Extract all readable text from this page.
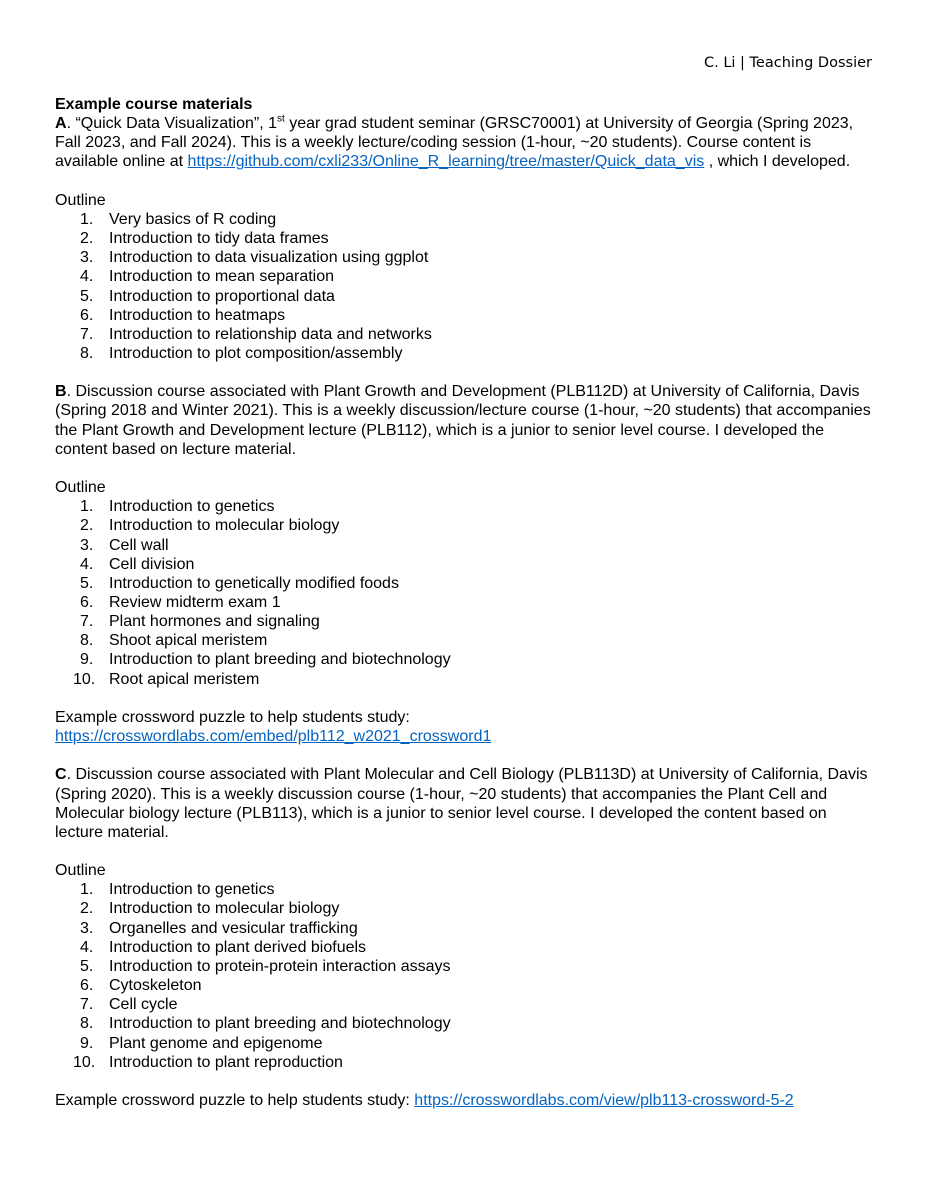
C. Li | Teaching Dossier

Example course materials

A. “Quick Data Visualization”, 1st year grad student seminar (GRSC70001) at University of Georgia (Spring 2023, Fall 2023, and Fall 2024). This is a weekly lecture/coding session (1-hour, ~20 students). Course content is available online at https://github.com/cxli233/Online_R_learning/tree/master/Quick_data_vis , which I developed.

Outline
1. Very basics of R coding
2. Introduction to tidy data frames
3. Introduction to data visualization using ggplot
4. Introduction to mean separation
5. Introduction to proportional data
6. Introduction to heatmaps
7. Introduction to relationship data and networks
8. Introduction to plot composition/assembly

B. Discussion course associated with Plant Growth and Development (PLB112D) at University of California, Davis (Spring 2018 and Winter 2021). This is a weekly discussion/lecture course (1-hour, ~20 students) that accompanies the Plant Growth and Development lecture (PLB112), which is a junior to senior level course. I developed the content based on lecture material.

Outline
1. Introduction to genetics
2. Introduction to molecular biology
3. Cell wall
4. Cell division
5. Introduction to genetically modified foods
6. Review midterm exam 1
7. Plant hormones and signaling
8. Shoot apical meristem
9. Introduction to plant breeding and biotechnology
10. Root apical meristem

Example crossword puzzle to help students study:
https://crosswordlabs.com/embed/plb112_w2021_crossword1

C. Discussion course associated with Plant Molecular and Cell Biology (PLB113D) at University of California, Davis (Spring 2020). This is a weekly discussion course (1-hour, ~20 students) that accompanies the Plant Cell and Molecular biology lecture (PLB113), which is a junior to senior level course. I developed the content based on lecture material.

Outline
1. Introduction to genetics
2. Introduction to molecular biology
3. Organelles and vesicular trafficking
4. Introduction to plant derived biofuels
5. Introduction to protein-protein interaction assays
6. Cytoskeleton
7. Cell cycle
8. Introduction to plant breeding and biotechnology
9. Plant genome and epigenome
10. Introduction to plant reproduction

Example crossword puzzle to help students study: https://crosswordlabs.com/view/plb113-crossword-5-2
